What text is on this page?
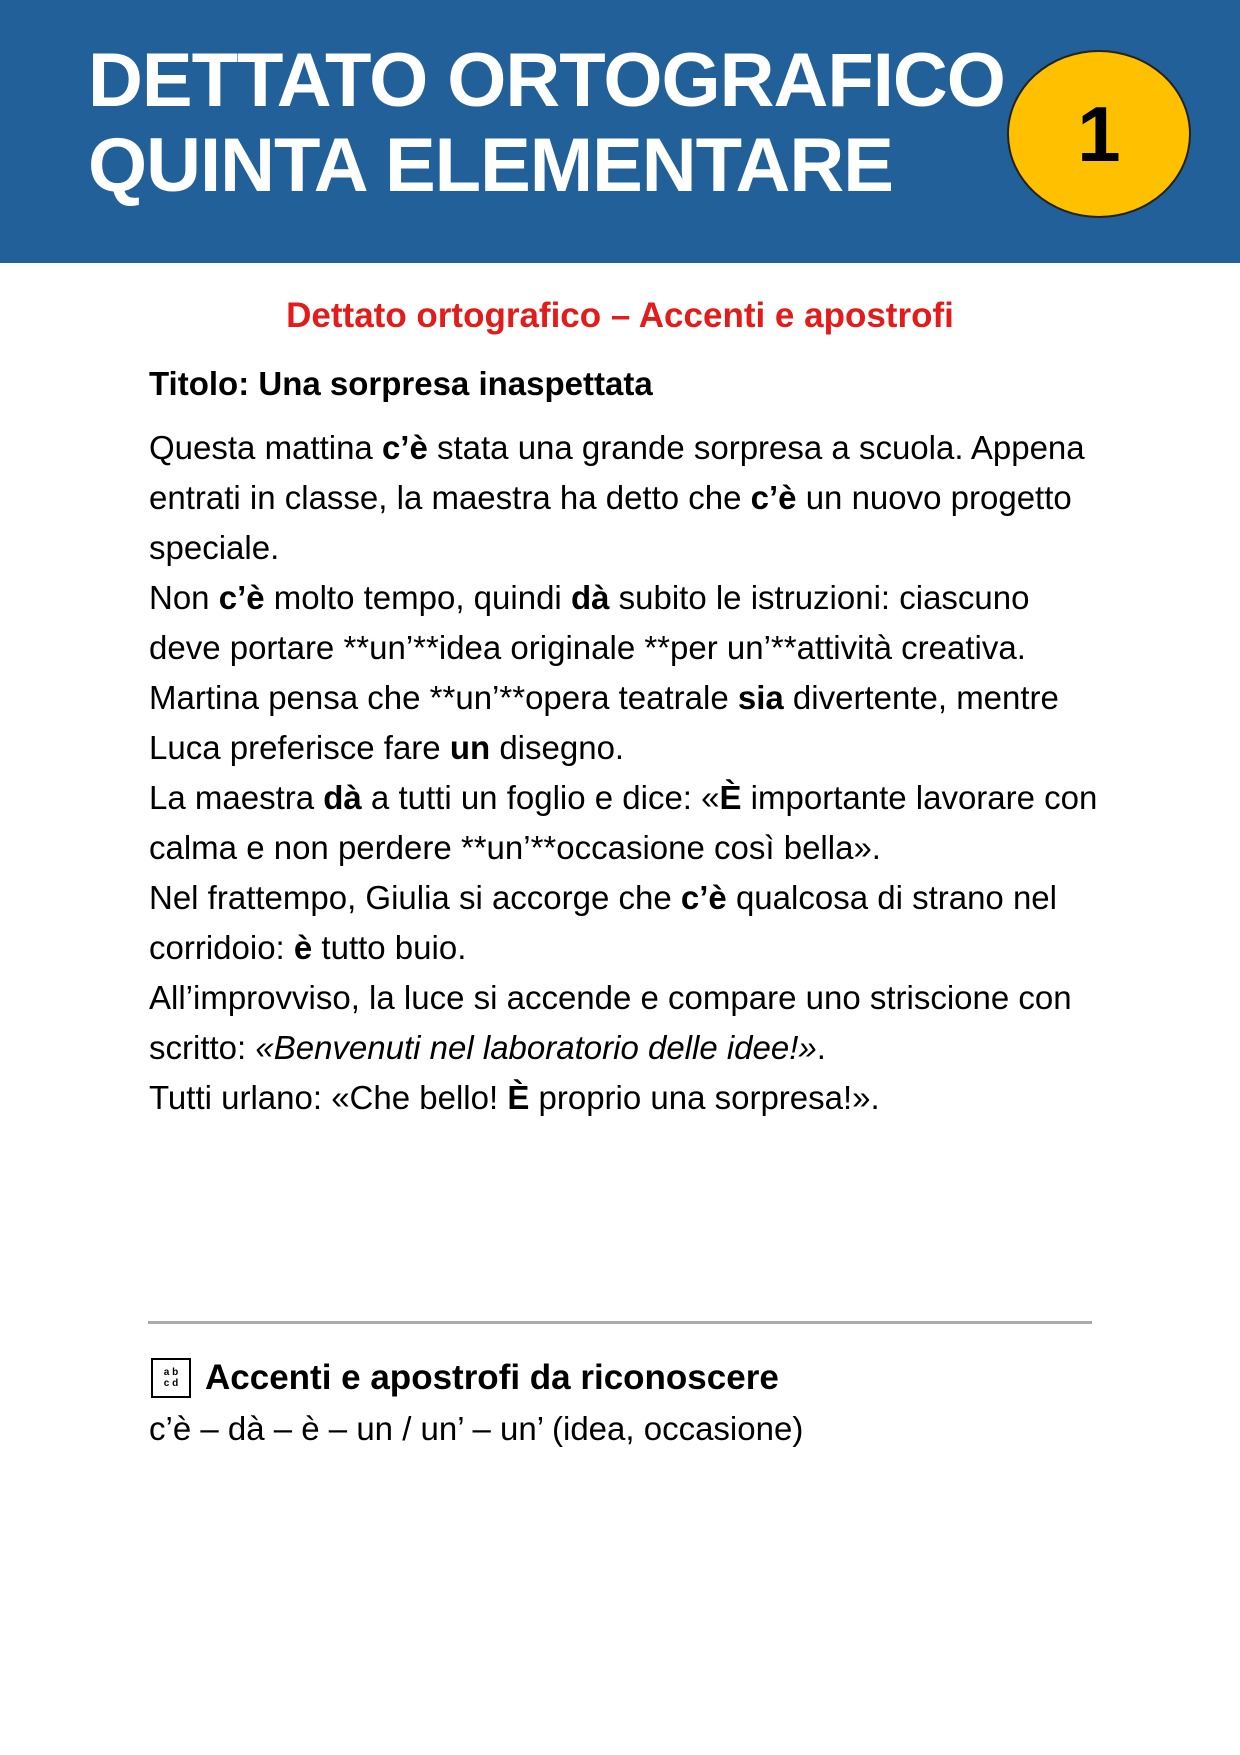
DETTATO ORTOGRAFICO
QUINTA ELEMENTARE	1
Dettato ortografico – Accenti e apostrofi
Titolo: Una sorpresa inaspettata

Questa mattina c’è stata una grande sorpresa a scuola. Appena entrati in classe, la maestra ha detto che c’è un nuovo progetto speciale.

Non c’è molto tempo, quindi dà subito le istruzioni: ciascuno deve portare **un’**idea originale **per un’**attività creativa.

Martina pensa che **un’**opera teatrale sia divertente, mentre Luca preferisce fare un disegno.

La maestra dà a tutti un foglio e dice: «È importante lavorare con calma e non perdere **un’**occasione così bella».

Nel frattempo, Giulia si accorge che c’è qualcosa di strano nel corridoio: è tutto buio.

All’improvviso, la luce si accende e compare uno striscione con scritto: «Benvenuti nel laboratorio delle idee!».

Tutti urlano: «Che bello! È proprio una sorpresa!».

a b
c d Accenti e apostrofi da riconoscere
c’è – dà – è – un / un’ – un’ (idea, occasione)
